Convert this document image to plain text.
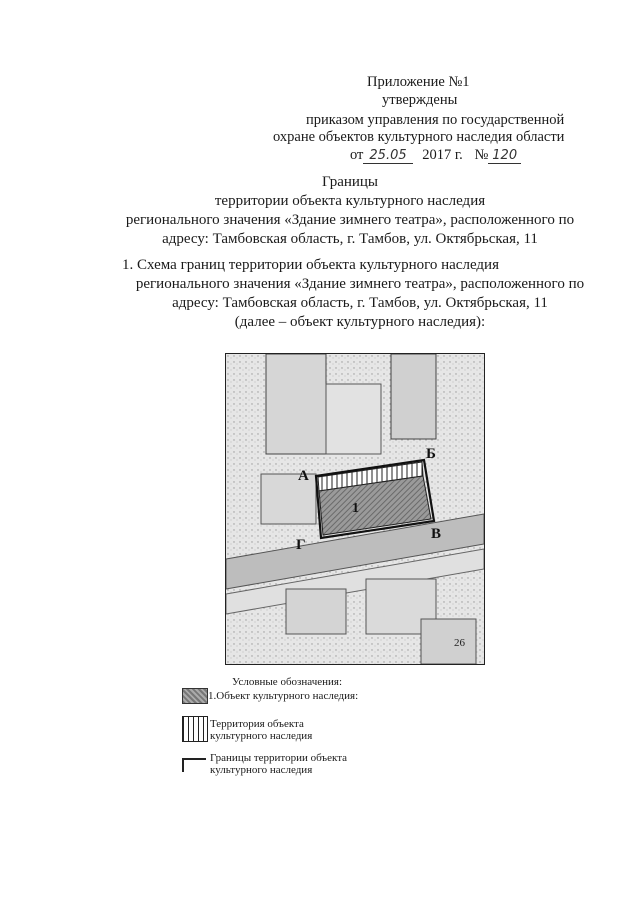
Приложение №1
утверждены
приказом управления по государственной
охране объектов культурного наследия области
от 25.05 2017 г. № 120
Границы
территории объекта культурного наследия
регионального значения «Здание зимнего театра», расположенного по
адресу: Тамбовская область, г. Тамбов, ул. Октябрьская, 11
1. Схема границ территории объекта культурного наследия
регионального значения «Здание зимнего театра», расположенного по
адресу: Тамбовская область, г. Тамбов, ул. Октябрьская, 11
(далее – объект культурного наследия):
А
Б
В
Г
1
26
Условные обозначения:
1.Объект культурного наследия:
Территория объекта
культурного наследия
Границы территории объекта
культурного наследия
